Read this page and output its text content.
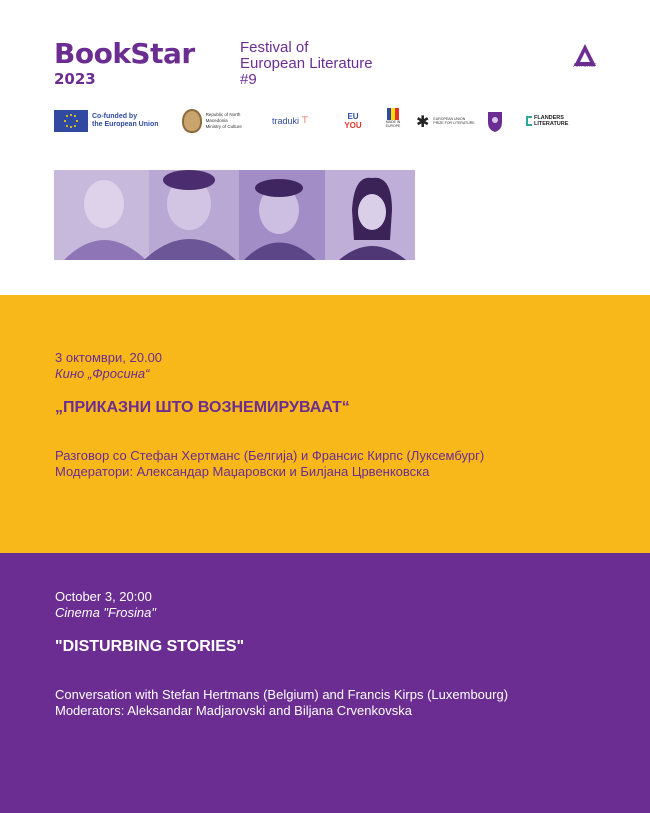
BookStar
2023
Festival of
European Literature
#9
АНТОЛОГ
Co-funded by
the European Union
Republic of North Macedonia
Ministry of Culture
traduki ⊤	EU
YOU	MADE IN EUROPE ✱ EUROPEAN UNION
PRIZE FOR LITERATURE
FLANDERS
LITERATURE
3 октомври, 20.00
Кино „Фросина“
„ПРИКАЗНИ ШТО ВОЗНЕМИРУВААТ“
Разговор со Стефан Хертманс (Белгија) и Франсис Кирпс (Луксембург)
Модератори: Александар Маџаровски и Билјана Црвенковска
October 3, 20:00
Cinema "Frosina"
"DISTURBING STORIES"
Conversation with Stefan Hertmans (Belgium) and Francis Kirps (Luxembourg)
Moderators: Aleksandar Madjarovski and Biljana Crvenkovska
